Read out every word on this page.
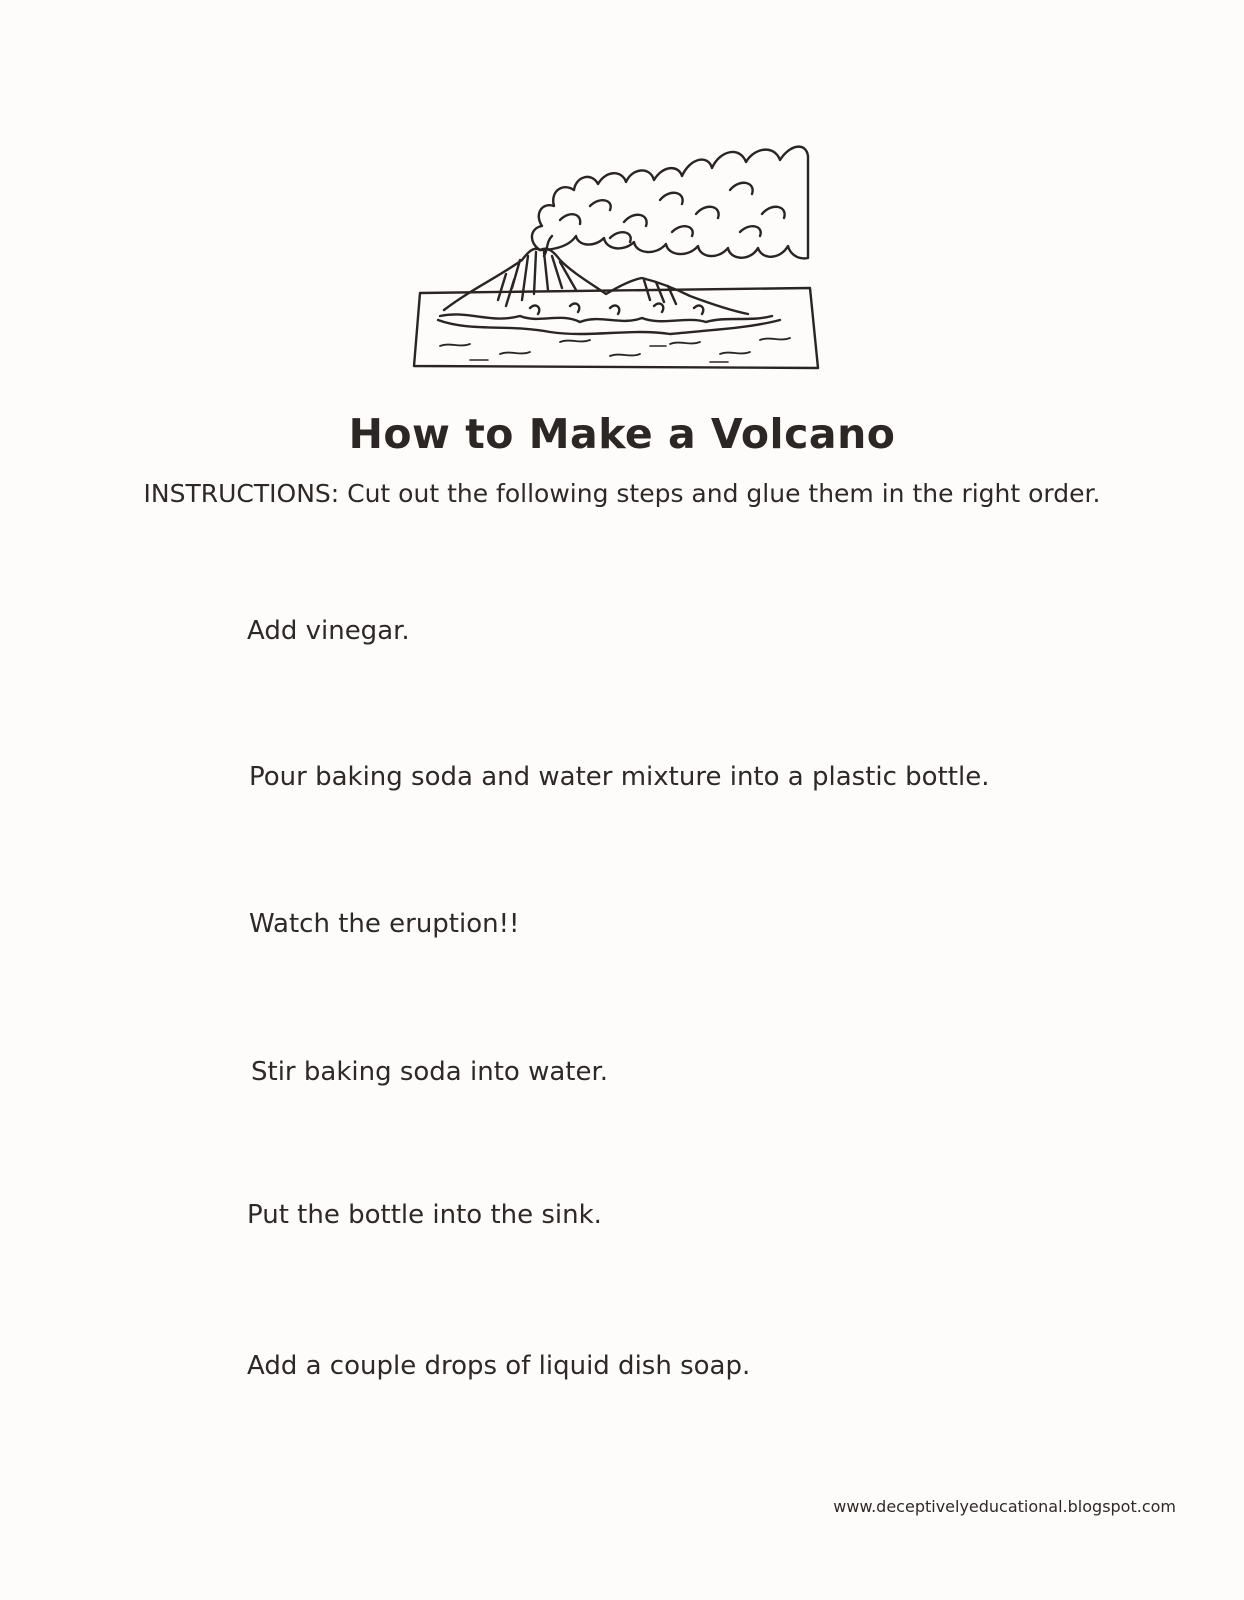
How to Make a Volcano
INSTRUCTIONS: Cut out the following steps and glue them in the right order.
Add vinegar.
Pour baking soda and water mixture into a plastic bottle.
Watch the eruption!!
Stir baking soda into water.
Put the bottle into the sink.
Add a couple drops of liquid dish soap.
www.deceptivelyeducational.blogspot.com
